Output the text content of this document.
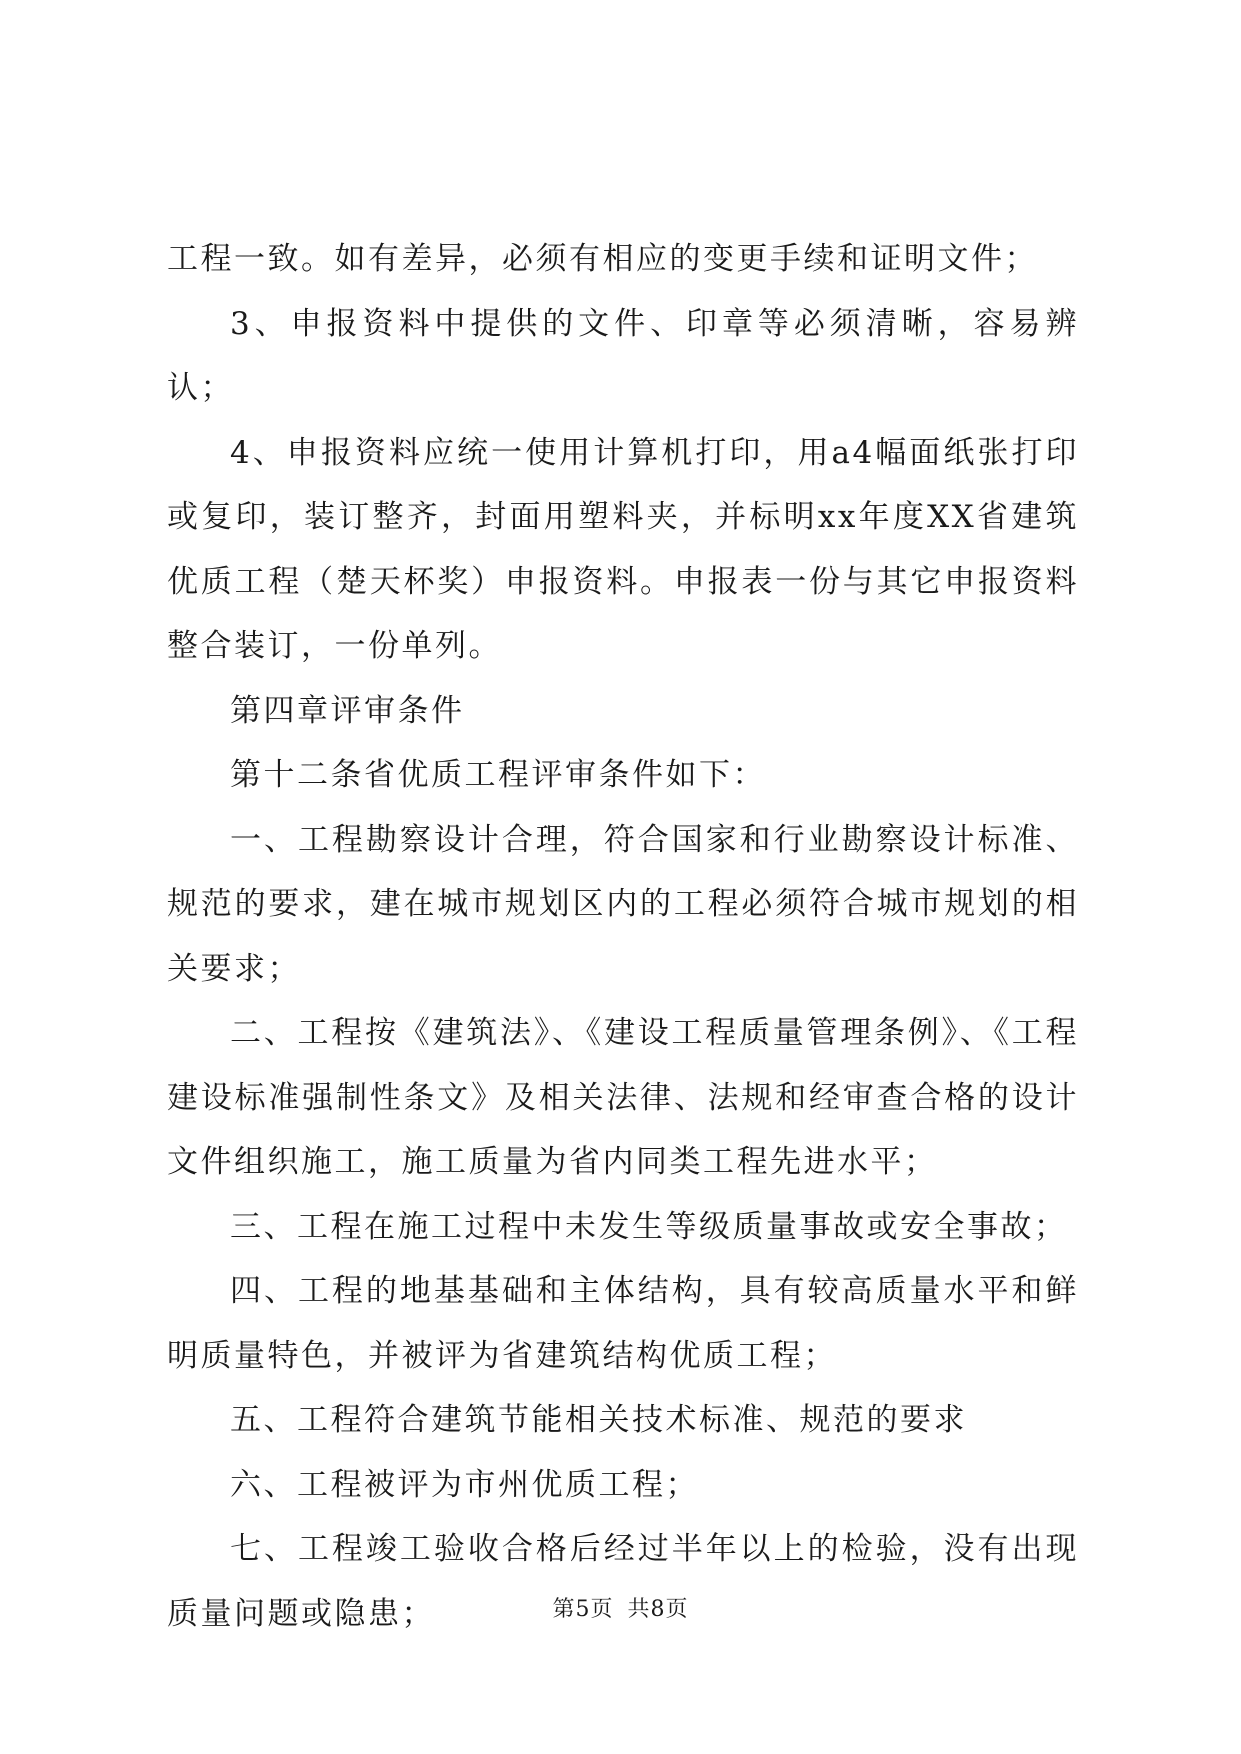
工程一致。如有差异，必须有相应的变更手续和证明文件；

3、申报资料中提供的文件、印章等必须清晰，容易辨认；

4、申报资料应统一使用计算机打印，用a4幅面纸张打印或复印，装订整齐，封面用塑料夹，并标明xx年度XX省建筑优质工程（楚天杯奖）申报资料。申报表一份与其它申报资料整合装订，一份单列。

第四章评审条件

第十二条省优质工程评审条件如下：

一、工程勘察设计合理，符合国家和行业勘察设计标准、规范的要求，建在城市规划区内的工程必须符合城市规划的相关要求；

二、工程按《建筑法》、《建设工程质量管理条例》、《工程建设标准强制性条文》及相关法律、法规和经审查合格的设计文件组织施工，施工质量为省内同类工程先进水平；

三、工程在施工过程中未发生等级质量事故或安全事故；

四、工程的地基基础和主体结构，具有较高质量水平和鲜明质量特色，并被评为省建筑结构优质工程；

五、工程符合建筑节能相关技术标准、规范的要求

六、工程被评为市州优质工程；

七、工程竣工验收合格后经过半年以上的检验，没有出现质量问题或隐患；	第5页 共8页
